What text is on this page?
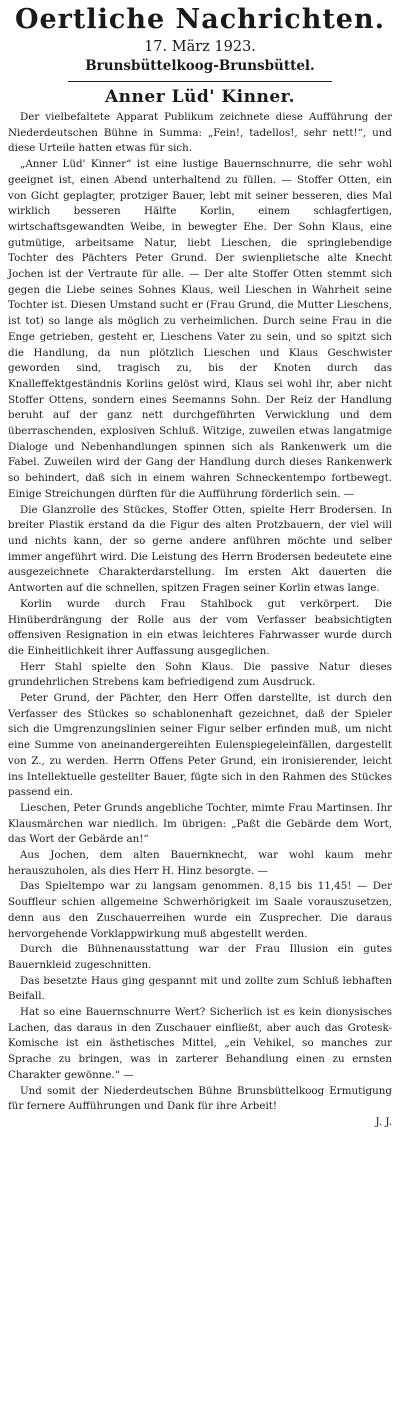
Oertliche Nachrichten.
17. März 1923.
Brunsbüttelkoog-Brunsbüttel.
Anner Lüd' Kinner.

Der vielbefaltete Apparat Publikum zeichnete diese Aufführung der Niederdeutschen Bühne in Summa: „Fein!, tadellos!, sehr nett!“, und diese Urteile hatten etwas für sich.

„Anner Lüd' Kinner“ ist eine lustige Bauernschnurre, die sehr wohl geeignet ist, einen Abend unterhaltend zu füllen. — Stoffer Otten, ein von Gicht geplagter, protziger Bauer, lebt mit seiner besseren, dies Mal wirklich besseren Hälfte Korlin, einem schlagfertigen, wirtschaftsgewandten Weibe, in bewegter Ehe. Der Sohn Klaus, eine gutmütige, arbeitsame Natur, liebt Lieschen, die springlebendige Tochter des Pächters Peter Grund. Der swienplietsche alte Knecht Jochen ist der Vertraute für alle. — Der alte Stoffer Otten stemmt sich gegen die Liebe seines Sohnes Klaus, weil Lieschen in Wahrheit seine Tochter ist. Diesen Umstand sucht er (Frau Grund, die Mutter Lieschens, ist tot) so lange als möglich zu verheimlichen. Durch seine Frau in die Enge getrieben, gesteht er, Lieschens Vater zu sein, und so spitzt sich die Handlung, da nun plötzlich Lieschen und Klaus Geschwister geworden sind, tragisch zu, bis der Knoten durch das Knalleffektgeständnis Korlins gelöst wird, Klaus sei wohl ihr, aber nicht Stoffer Ottens, sondern eines Seemanns Sohn. Der Reiz der Handlung beruht auf der ganz nett durchgeführten Verwicklung und dem überraschenden, explosiven Schluß. Witzige, zuweilen etwas langatmige Dialoge und Nebenhandlungen spinnen sich als Rankenwerk um die Fabel. Zuweilen wird der Gang der Handlung durch dieses Rankenwerk so behindert, daß sich in einem wahren Schneckentempo fortbewegt. Einige Streichungen dürften für die Aufführung förderlich sein. —

Die Glanzrolle des Stückes, Stoffer Otten, spielte Herr Brodersen. In breiter Plastik erstand da die Figur des alten Protzbauern, der viel will und nichts kann, der so gerne andere anführen möchte und selber immer angeführt wird. Die Leistung des Herrn Brodersen bedeutete eine ausgezeichnete Charakterdarstellung. Im ersten Akt dauerten die Antworten auf die schnellen, spitzen Fragen seiner Korlin etwas lange.

Korlin wurde durch Frau Stahlbock gut verkörpert. Die Hinüberdrängung der Rolle aus der vom Verfasser beabsichtigten offensiven Resignation in ein etwas leichteres Fahrwasser wurde durch die Einheitlichkeit ihrer Auffassung ausgeglichen.

Herr Stahl spielte den Sohn Klaus. Die passive Natur dieses grundehrlichen Strebens kam befriedigend zum Ausdruck.

Peter Grund, der Pächter, den Herr Offen darstellte, ist durch den Verfasser des Stückes so schablonenhaft gezeichnet, daß der Spieler sich die Umgrenzungslinien seiner Figur selber erfinden muß, um nicht eine Summe von aneinandergereihten Eulenspiegeleinfällen, dargestellt von Z., zu werden. Herrn Offens Peter Grund, ein ironisierender, leicht ins Intellektuelle gestellter Bauer, fügte sich in den Rahmen des Stückes passend ein.

Lieschen, Peter Grunds angebliche Tochter, mimte Frau Martinsen. Ihr Klausmärchen war niedlich. Im übrigen: „Paßt die Gebärde dem Wort, das Wort der Gebärde an!“

Aus Jochen, dem alten Bauernknecht, war wohl kaum mehr herauszuholen, als dies Herr H. Hinz besorgte. —

Das Spieltempo war zu langsam genommen. 8,15 bis 11,45! — Der Souffleur schien allgemeine Schwerhörigkeit im Saale vorauszusetzen, denn aus den Zuschauerreihen wurde ein Zusprecher. Die daraus hervorgehende Vorklappwirkung muß abgestellt werden.

Durch die Bühnenausstattung war der Frau Illusion ein gutes Bauernkleid zugeschnitten.

Das besetzte Haus ging gespannt mit und zollte zum Schluß lebhaften Beifall.

Hat so eine Bauernschnurre Wert? Sicherlich ist es kein dionysisches Lachen, das daraus in den Zuschauer einfließt, aber auch das Grotesk-Komische ist ein ästhetisches Mittel, „ein Vehikel, so manches zur Sprache zu bringen, was in zarterer Behandlung einen zu ernsten Charakter gewönne.“ —

Und somit der Niederdeutschen Bühne Brunsbüttelkoog Ermutigung für fernere Aufführungen und Dank für ihre Arbeit!

J. J.
